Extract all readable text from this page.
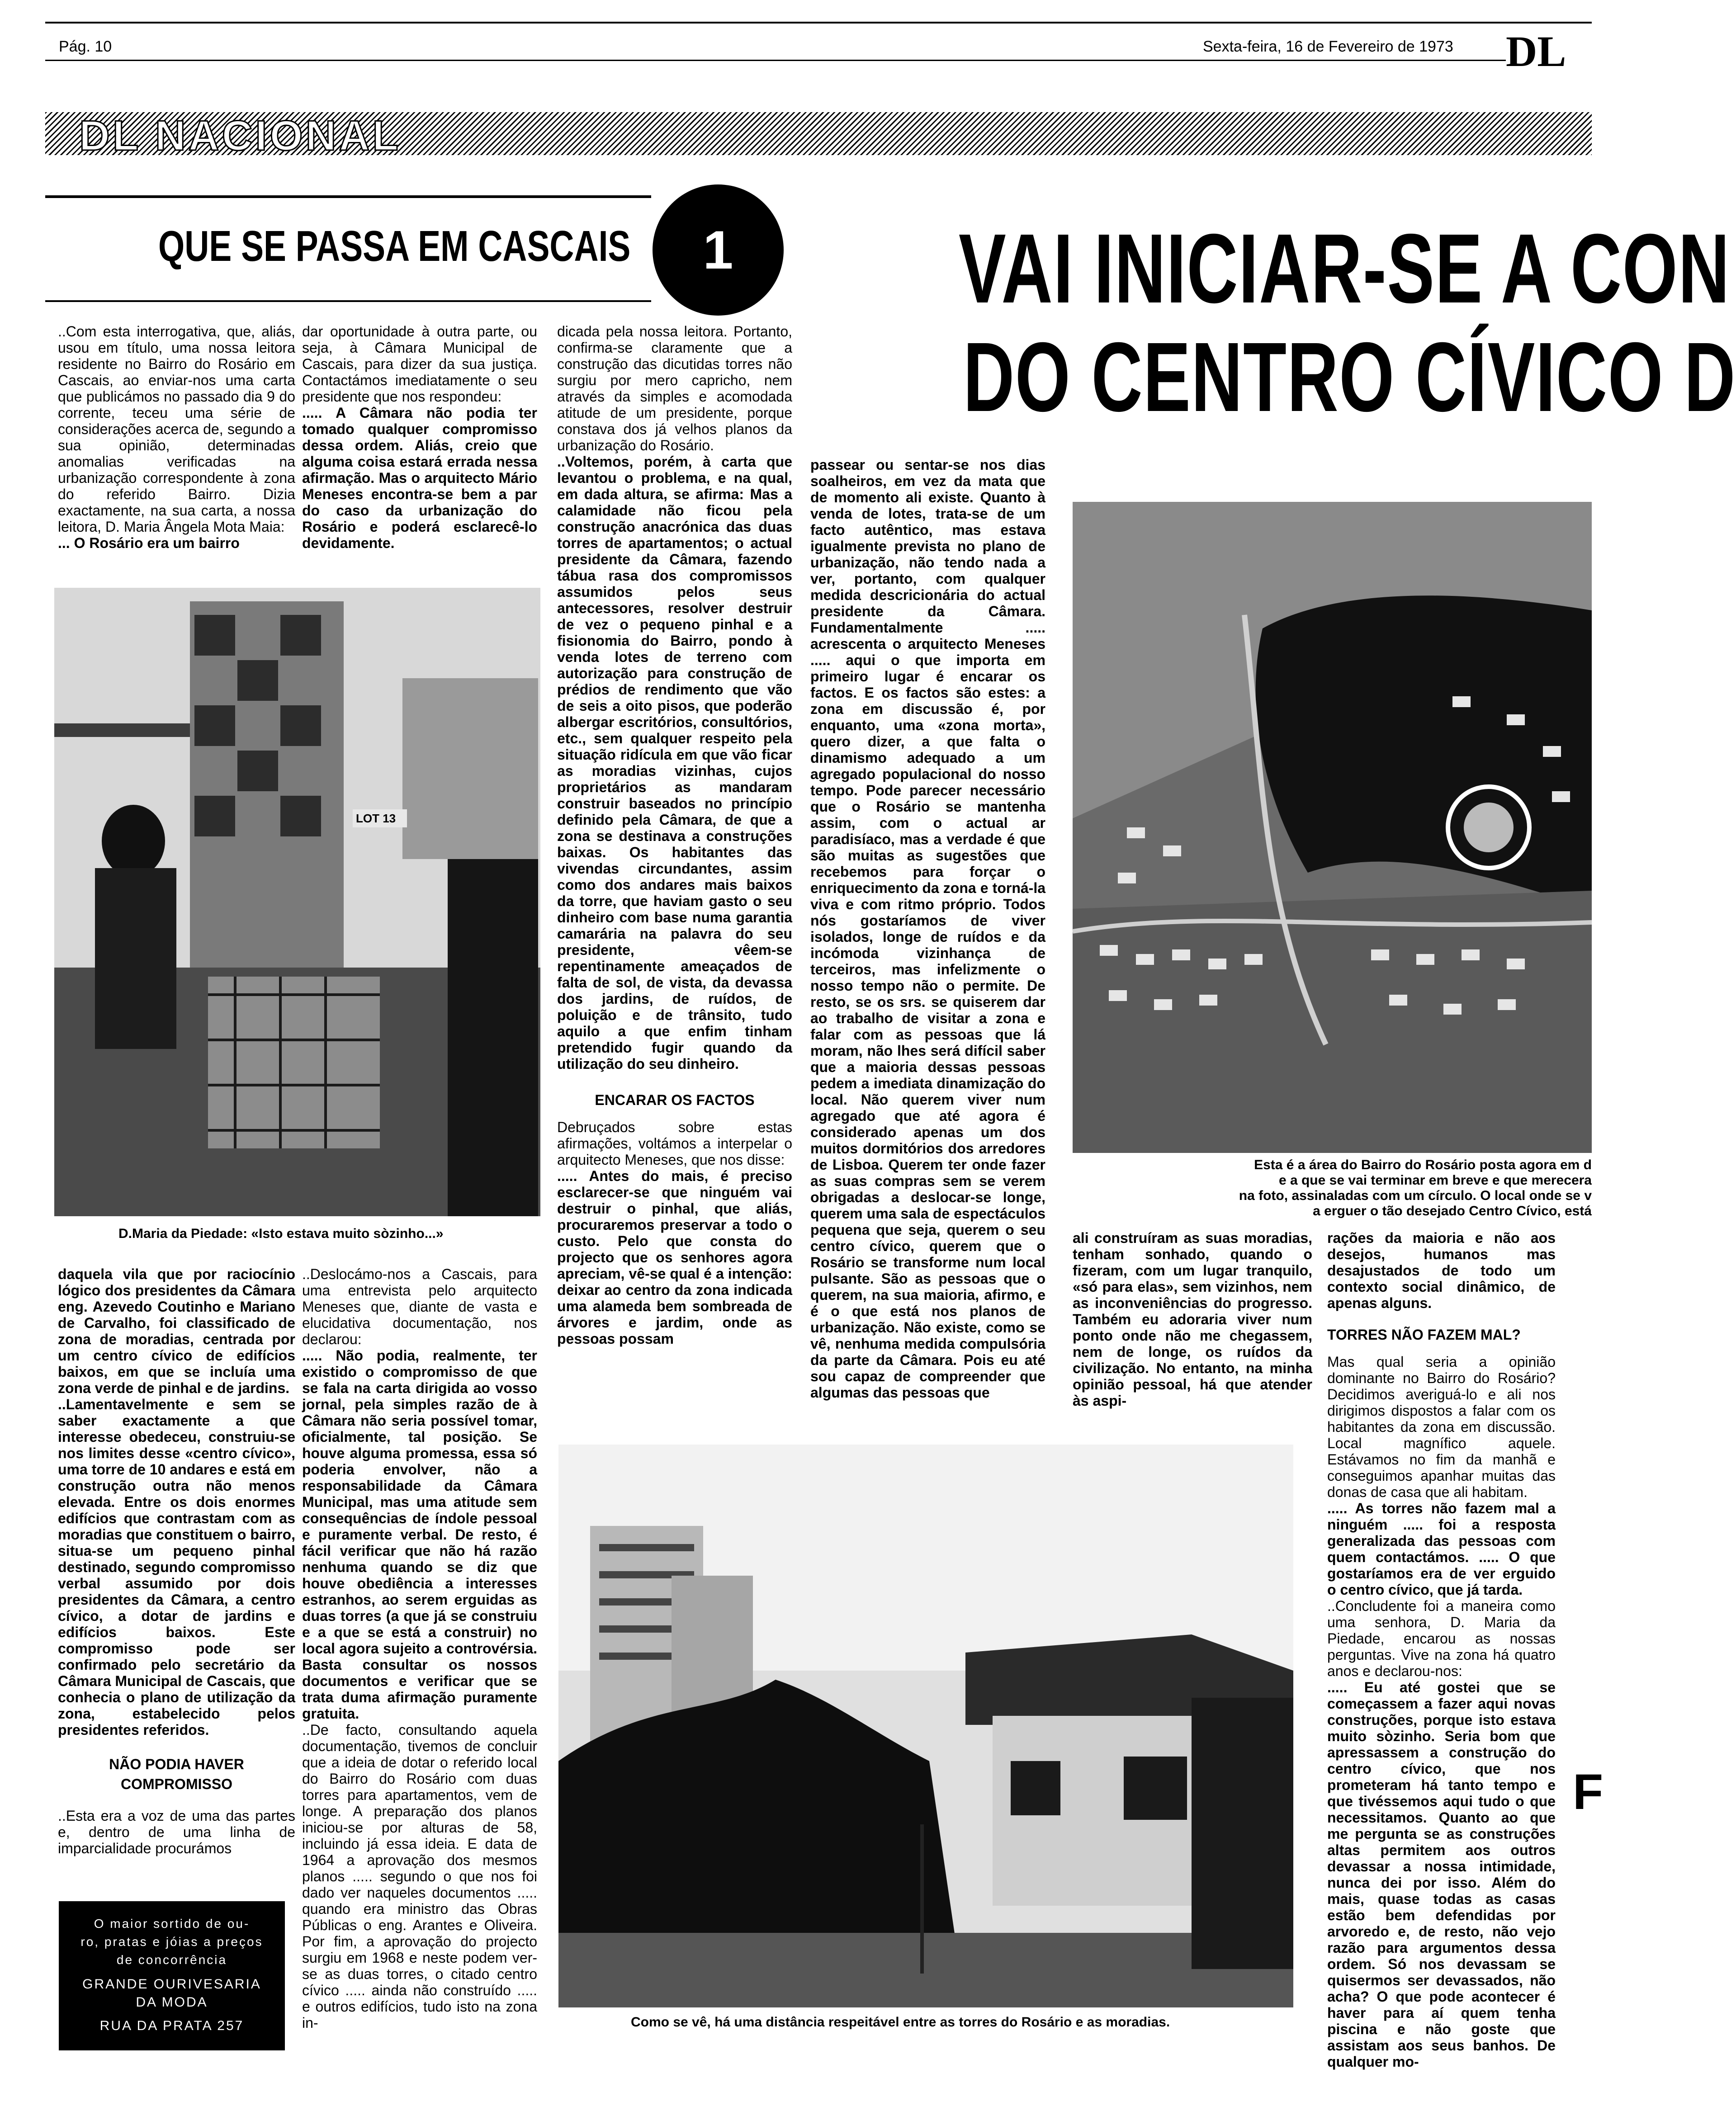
Pág. 10	Sexta-feira, 16 de Fevereiro de 1973 DL
DL NACIONAL
QUE SE PASSA EM CASCAIS	1	VAI INICIAR-SE A CON
DO CENTRO CÍVICO D

..Com esta interrogativa, que, aliás, usou em título, uma nossa leitora residente no Bairro do Rosário em Cascais, ao enviar-nos uma carta que publicámos no passado dia 9 do corrente, teceu uma série de considerações acerca de, segundo a sua opinião, determinadas anomalias verificadas na urbanização correspondente à zona do referido Bairro. Dizia exactamente, na sua carta, a nossa leitora, D. Maria Ângela Mota Maia:

... O Rosário era um bairro

dar oportunidade à outra parte, ou seja, à Câmara Municipal de Cascais, para dizer da sua justiça. Contactámos imediatamente o seu presidente que nos respondeu:

..... A Câmara não podia ter tomado qualquer compromisso dessa ordem. Aliás, creio que alguma coisa estará errada nessa afirmação. Mas o arquitecto Mário Meneses encontra-se bem a par do caso da urbanização do Rosário e poderá esclarecê-lo devidamente.

dicada pela nossa leitora. Portanto, confirma-se claramente que a construção das dicutidas torres não surgiu por mero capricho, nem através da simples e acomodada atitude de um presidente, porque constava dos já velhos planos da urbanização do Rosário.

..Voltemos, porém, à carta que levantou o problema, e na qual, em dada altura, se afirma: Mas a calamidade não ficou pela construção anacrónica das duas torres de apartamentos; o actual presidente da Câmara, fazendo tábua rasa dos compromissos assumidos pelos seus antecessores, resolver destruir de vez o pequeno pinhal e a fisionomia do Bairro, pondo à venda lotes de terreno com autorização para construção de prédios de rendimento que vão de seis a oito pisos, que poderão albergar escritórios, consultórios, etc., sem qualquer respeito pela situação ridícula em que vão ficar as moradias vizinhas, cujos proprietários as mandaram construir baseados no princípio definido pela Câmara, de que a zona se destinava a construções baixas. Os habitantes das vivendas circundantes, assim como dos andares mais baixos da torre, que haviam gasto o seu dinheiro com base numa garantia camarária na palavra do seu presidente, vêem-se repentinamente ameaçados de falta de sol, de vista, da devassa dos jardins, de ruídos, de poluição e de trânsito, tudo aquilo a que enfim tinham pretendido fugir quando da utilização do seu dinheiro.

ENCARAR OS FACTOS

Debruçados sobre estas afirmações, voltámos a interpelar o arquitecto Meneses, que nos disse:

..... Antes do mais, é preciso esclarecer-se que ninguém vai destruir o pinhal, que aliás, procuraremos preservar a todo o custo. Pelo que consta do projecto que os senhores agora apreciam, vê-se qual é a intenção: deixar ao centro da zona indicada uma alameda bem sombreada de árvores e jardim, onde as pessoas possam

passear ou sentar-se nos dias soalheiros, em vez da mata que de momento ali existe. Quanto à venda de lotes, trata-se de um facto autêntico, mas estava igualmente prevista no plano de urbanização, não tendo nada a ver, portanto, com qualquer medida descricionária do actual presidente da Câmara. Fundamentalmente ..... acrescenta o arquitecto Meneses ..... aqui o que importa em primeiro lugar é encarar os factos. E os factos são estes: a zona em discussão é, por enquanto, uma «zona morta», quero dizer, a que falta o dinamismo adequado a um agregado populacional do nosso tempo. Pode parecer necessário que o Rosário se mantenha assim, com o actual ar paradisíaco, mas a verdade é que são muitas as sugestões que recebemos para forçar o enriquecimento da zona e torná-la viva e com ritmo próprio. Todos nós gostaríamos de viver isolados, longe de ruídos e da incómoda vizinhança de terceiros, mas infelizmente o nosso tempo não o permite. De resto, se os srs. se quiserem dar ao trabalho de visitar a zona e falar com as pessoas que lá moram, não lhes será difícil saber que a maioria dessas pessoas pedem a imediata dinamização do local. Não querem viver num agregado que até agora é considerado apenas um dos muitos dormitórios dos arredores de Lisboa. Querem ter onde fazer as suas compras sem se verem obrigadas a deslocar-se longe, querem uma sala de espectáculos pequena que seja, querem o seu centro cívico, querem que o Rosário se transforme num local pulsante. São as pessoas que o querem, na sua maioria, afirmo, e é o que está nos planos de urbanização. Não existe, como se vê, nenhuma medida compulsória da parte da Câmara. Pois eu até sou capaz de compreender que algumas das pessoas que

LOT 13
D.Maria da Piedade: «Isto estava muito sòzinho...»

daquela vila que por raciocínio lógico dos presidentes da Câmara eng. Azevedo Coutinho e Mariano de Carvalho, foi classificado de zona de moradias, centrada por um centro cívico de edifícios baixos, em que se incluía uma zona verde de pinhal e de jardins.

..Lamentavelmente e sem se saber exactamente a que interesse obedeceu, construiu-se nos limites desse «centro cívico», uma torre de 10 andares e está em construção outra não menos elevada. Entre os dois enormes edifícios que contrastam com as moradias que constituem o bairro, situa-se um pequeno pinhal destinado, segundo compromisso verbal assumido por dois presidentes da Câmara, a centro cívico, a dotar de jardins e edifícios baixos. Este compromisso pode ser confirmado pelo secretário da Câmara Municipal de Cascais, que conhecia o plano de utilização da zona, estabelecido pelos presidentes referidos.

NÃO PODIA HAVER
COMPROMISSO

..Esta era a voz de uma das partes e, dentro de uma linha de imparcialidade procurámos

O maior sortido de ou-
ro, pratas e jóias a preços
de concorrência
GRANDE OURIVESARIA
DA MODA
RUA DA PRATA 257

..Deslocámo-nos a Cascais, para uma entrevista pelo arquitecto Meneses que, diante de vasta e elucidativa documentação, nos declarou:

..... Não podia, realmente, ter existido o compromisso de que se fala na carta dirigida ao vosso jornal, pela simples razão de à Câmara não seria possível tomar, oficialmente, tal posição. Se houve alguma promessa, essa só poderia envolver, não a responsabilidade da Câmara Municipal, mas uma atitude sem consequências de índole pessoal e puramente verbal. De resto, é fácil verificar que não há razão nenhuma quando se diz que houve obediência a interesses estranhos, ao serem erguidas as duas torres (a que já se construiu e a que se está a construir) no local agora sujeito a controvérsia. Basta consultar os nossos documentos e verificar que se trata duma afirmação puramente gratuita.

..De facto, consultando aquela documentação, tivemos de concluir que a ideia de dotar o referido local do Bairro do Rosário com duas torres para apartamentos, vem de longe. A preparação dos planos iniciou-se por alturas de 58, incluindo já essa ideia. E data de 1964 a aprovação dos mesmos planos ..... segundo o que nos foi dado ver naqueles documentos ..... quando era ministro das Obras Públicas o eng. Arantes e Oliveira. Por fim, a aprovação do projecto surgiu em 1968 e neste podem ver-se as duas torres, o citado centro cívico ..... ainda não construído ..... e outros edifícios, tudo isto na zona in-

Esta é a área do Bairro do Rosário posta agora em d
e a que se vai terminar em breve e que merecera
na foto, assinaladas com um círculo. O local onde se v
a erguer o tão desejado Centro Cívico, está

ali construíram as suas moradias, tenham sonhado, quando o fizeram, com um lugar tranquilo, «só para elas», sem vizinhos, nem as inconveniências do progresso. Também eu adoraria viver num ponto onde não me chegassem, nem de longe, os ruídos da civilização. No entanto, na minha opinião pessoal, há que atender às aspi-

rações da maioria e não aos desejos, humanos mas desajustados de todo um contexto social dinâmico, de apenas alguns.

TORRES NÃO FAZEM MAL?

Mas qual seria a opinião dominante no Bairro do Rosário? Decidimos averiguá-lo e ali nos dirigimos dispostos a falar com os habitantes da zona em discussão. Local magnífico aquele. Estávamos no fim da manhã e conseguimos apanhar muitas das donas de casa que ali habitam.

..... As torres não fazem mal a ninguém ..... foi a resposta generalizada das pessoas com quem contactámos. ..... O que gostaríamos era de ver erguido o centro cívico, que já tarda.

..Concludente foi a maneira como uma senhora, D. Maria da Piedade, encarou as nossas perguntas. Vive na zona há quatro anos e declarou-nos:

..... Eu até gostei que se começassem a fazer aqui novas construções, porque isto estava muito sòzinho. Seria bom que apressassem a construção do centro cívico, que nos prometeram há tanto tempo e que tivéssemos aqui tudo o que necessitamos. Quanto ao que me pergunta se as construções altas permitem aos outros devassar a nossa intimidade, nunca dei por isso. Além do mais, quase todas as casas estão bem defendidas por arvoredo e, de resto, não vejo razão para argumentos dessa ordem. Só nos devassam se quisermos ser devassados, não acha? O que pode acontecer é haver para aí quem tenha piscina e não goste que assistam aos seus banhos. De qualquer mo-

F
Como se vê, há uma distância respeitável entre as torres do Rosário e as moradias.
